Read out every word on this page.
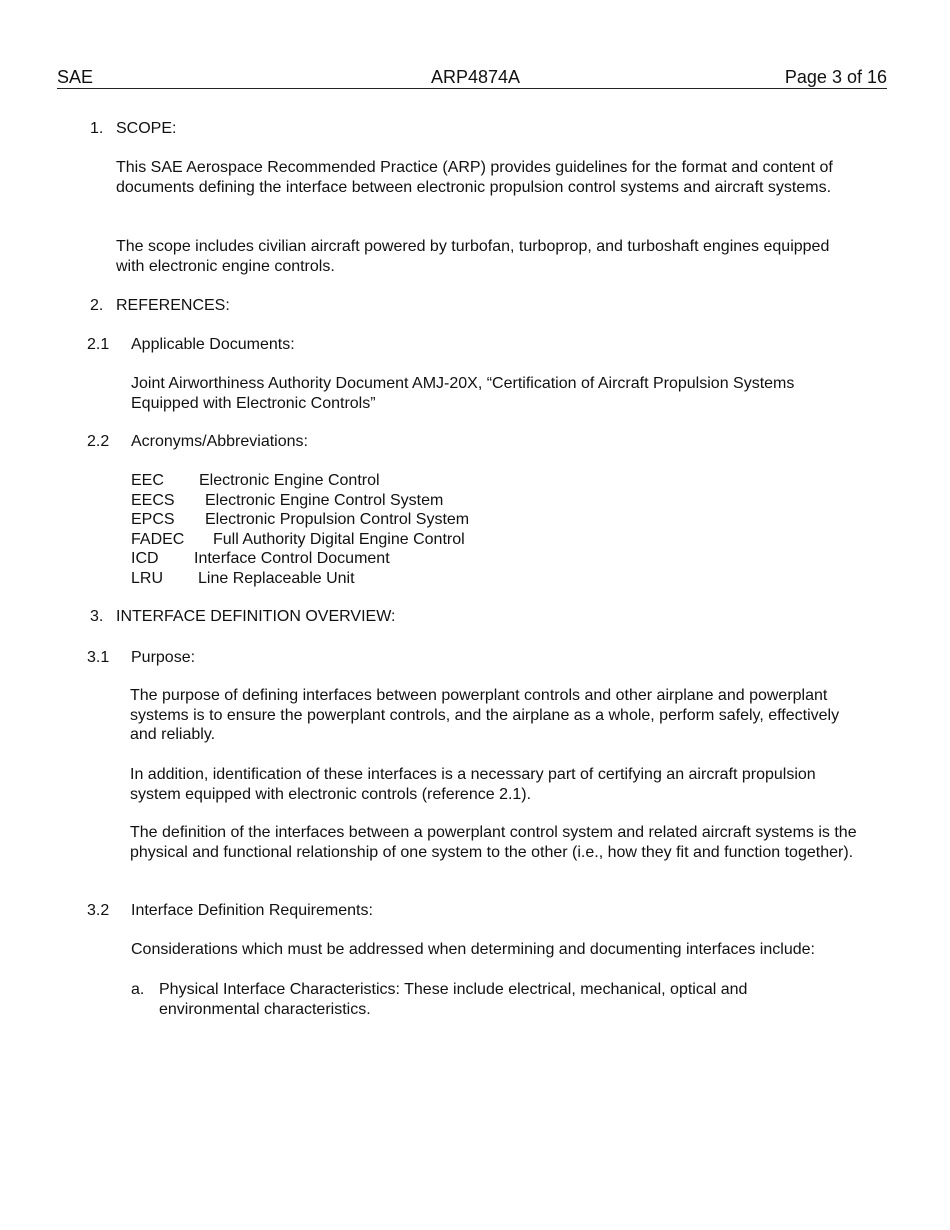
SAE	ARP4874A	Page 3 of 16
1. SCOPE:
This SAE Aerospace Recommended Practice (ARP) provides guidelines for the format and content of documents defining the interface between electronic propulsion control systems and aircraft systems.
The scope includes civilian aircraft powered by turbofan, turboprop, and turboshaft engines equipped with electronic engine controls.
2. REFERENCES:
2.1 Applicable Documents:
Joint Airworthiness Authority Document AMJ-20X, “Certification of Aircraft Propulsion Systems Equipped with Electronic Controls”
2.2 Acronyms/Abbreviations:
EEC Electronic Engine Control
EECS Electronic Engine Control System
EPCS Electronic Propulsion Control System
FADEC Full Authority Digital Engine Control
ICD Interface Control Document
LRU Line Replaceable Unit
3. INTERFACE DEFINITION OVERVIEW:
3.1 Purpose:
The purpose of defining interfaces between powerplant controls and other airplane and powerplant systems is to ensure the powerplant controls, and the airplane as a whole, perform safely, effectively and reliably.
In addition, identification of these interfaces is a necessary part of certifying an aircraft propulsion system equipped with electronic controls (reference 2.1).
The definition of the interfaces between a powerplant control system and related aircraft systems is the physical and functional relationship of one system to the other (i.e., how they fit and function together).
3.2 Interface Definition Requirements:
Considerations which must be addressed when determining and documenting interfaces include:
a. Physical Interface Characteristics: These include electrical, mechanical, optical and environmental characteristics.
